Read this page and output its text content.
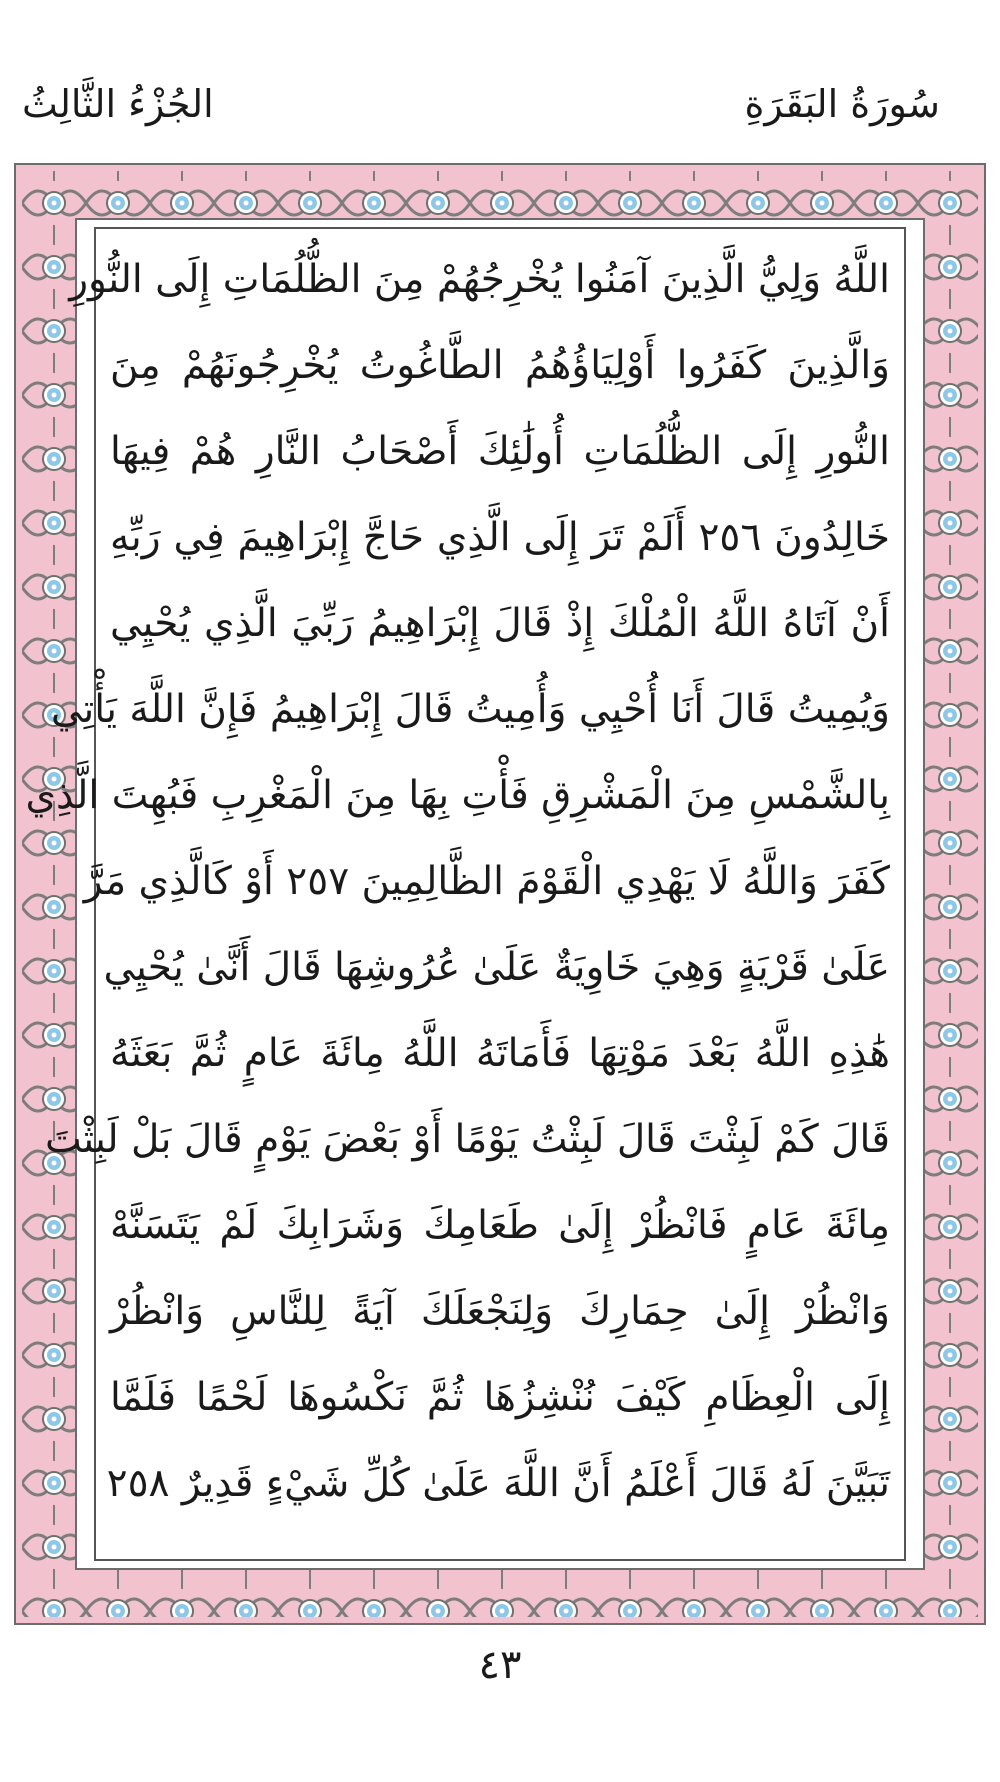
سُورَةُ البَقَرَةِ
الجُزْءُ الثَّالِثُ
اللَّهُ وَلِيُّ الَّذِينَ آمَنُوا يُخْرِجُهُمْ مِنَ الظُّلُمَاتِ إِلَى النُّورِ
وَالَّذِينَ كَفَرُوا أَوْلِيَاؤُهُمُ الطَّاغُوتُ يُخْرِجُونَهُمْ مِنَ
النُّورِ إِلَى الظُّلُمَاتِ أُولَٰئِكَ أَصْحَابُ النَّارِ هُمْ فِيهَا
خَالِدُونَ ٢٥٦ أَلَمْ تَرَ إِلَى الَّذِي حَاجَّ إِبْرَاهِيمَ فِي رَبِّهِ
أَنْ آتَاهُ اللَّهُ الْمُلْكَ إِذْ قَالَ إِبْرَاهِيمُ رَبِّيَ الَّذِي يُحْيِي
وَيُمِيتُ قَالَ أَنَا أُحْيِي وَأُمِيتُ قَالَ إِبْرَاهِيمُ فَإِنَّ اللَّهَ يَأْتِي
بِالشَّمْسِ مِنَ الْمَشْرِقِ فَأْتِ بِهَا مِنَ الْمَغْرِبِ فَبُهِتَ الَّذِي
كَفَرَ وَاللَّهُ لَا يَهْدِي الْقَوْمَ الظَّالِمِينَ ٢٥٧ أَوْ كَالَّذِي مَرَّ
عَلَىٰ قَرْيَةٍ وَهِيَ خَاوِيَةٌ عَلَىٰ عُرُوشِهَا قَالَ أَنَّىٰ يُحْيِي
هَٰذِهِ اللَّهُ بَعْدَ مَوْتِهَا فَأَمَاتَهُ اللَّهُ مِائَةَ عَامٍ ثُمَّ بَعَثَهُ
قَالَ كَمْ لَبِثْتَ قَالَ لَبِثْتُ يَوْمًا أَوْ بَعْضَ يَوْمٍ قَالَ بَلْ لَبِثْتَ
مِائَةَ عَامٍ فَانْظُرْ إِلَىٰ طَعَامِكَ وَشَرَابِكَ لَمْ يَتَسَنَّهْ
وَانْظُرْ إِلَىٰ حِمَارِكَ وَلِنَجْعَلَكَ آيَةً لِلنَّاسِ وَانْظُرْ
إِلَى الْعِظَامِ كَيْفَ نُنْشِزُهَا ثُمَّ نَكْسُوهَا لَحْمًا فَلَمَّا
تَبَيَّنَ لَهُ قَالَ أَعْلَمُ أَنَّ اللَّهَ عَلَىٰ كُلِّ شَيْءٍ قَدِيرٌ ٢٥٨
٤٣
